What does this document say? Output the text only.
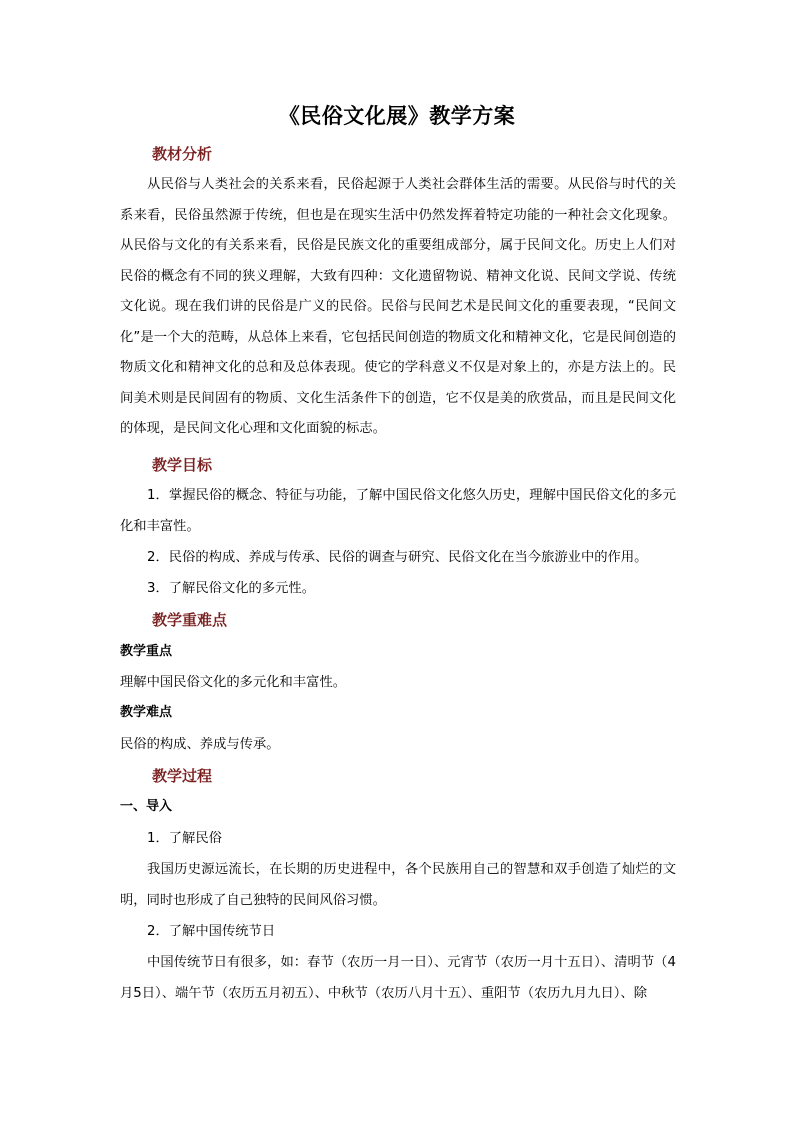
《民俗文化展》教学方案
教材分析
从民俗与人类社会的关系来看，民俗起源于人类社会群体生活的需要。从民俗与时代的关系来看，民俗虽然源于传统，但也是在现实生活中仍然发挥着特定功能的一种社会文化现象。从民俗与文化的有关系来看，民俗是民族文化的重要组成部分，属于民间文化。历史上人们对民俗的概念有不同的狭义理解，大致有四种：文化遗留物说、精神文化说、民间文学说、传统文化说。现在我们讲的民俗是广义的民俗。民俗与民间艺术是民间文化的重要表现，“民间文化”是一个大的范畴，从总体上来看，它包括民间创造的物质文化和精神文化，它是民间创造的物质文化和精神文化的总和及总体表现。使它的学科意义不仅是对象上的，亦是方法上的。民间美术则是民间固有的物质、文化生活条件下的创造，它不仅是美的欣赏品，而且是民间文化的体现，是民间文化心理和文化面貌的标志。
教学目标
1．掌握民俗的概念、特征与功能，了解中国民俗文化悠久历史，理解中国民俗文化的多元化和丰富性。
2．民俗的构成、养成与传承、民俗的调查与研究、民俗文化在当今旅游业中的作用。
3．了解民俗文化的多元性。
教学重难点
教学重点
理解中国民俗文化的多元化和丰富性。
教学难点
民俗的构成、养成与传承。
教学过程
一、导入
1．了解民俗
我国历史源远流长，在长期的历史进程中，各个民族用自己的智慧和双手创造了灿烂的文明，同时也形成了自己独特的民间风俗习惯。
2．了解中国传统节日
中国传统节日有很多，如：春节（农历一月一日）、元宵节（农历一月十五日）、清明节（4月5日）、端午节（农历五月初五）、中秋节（农历八月十五）、重阳节（农历九月九日）、除
